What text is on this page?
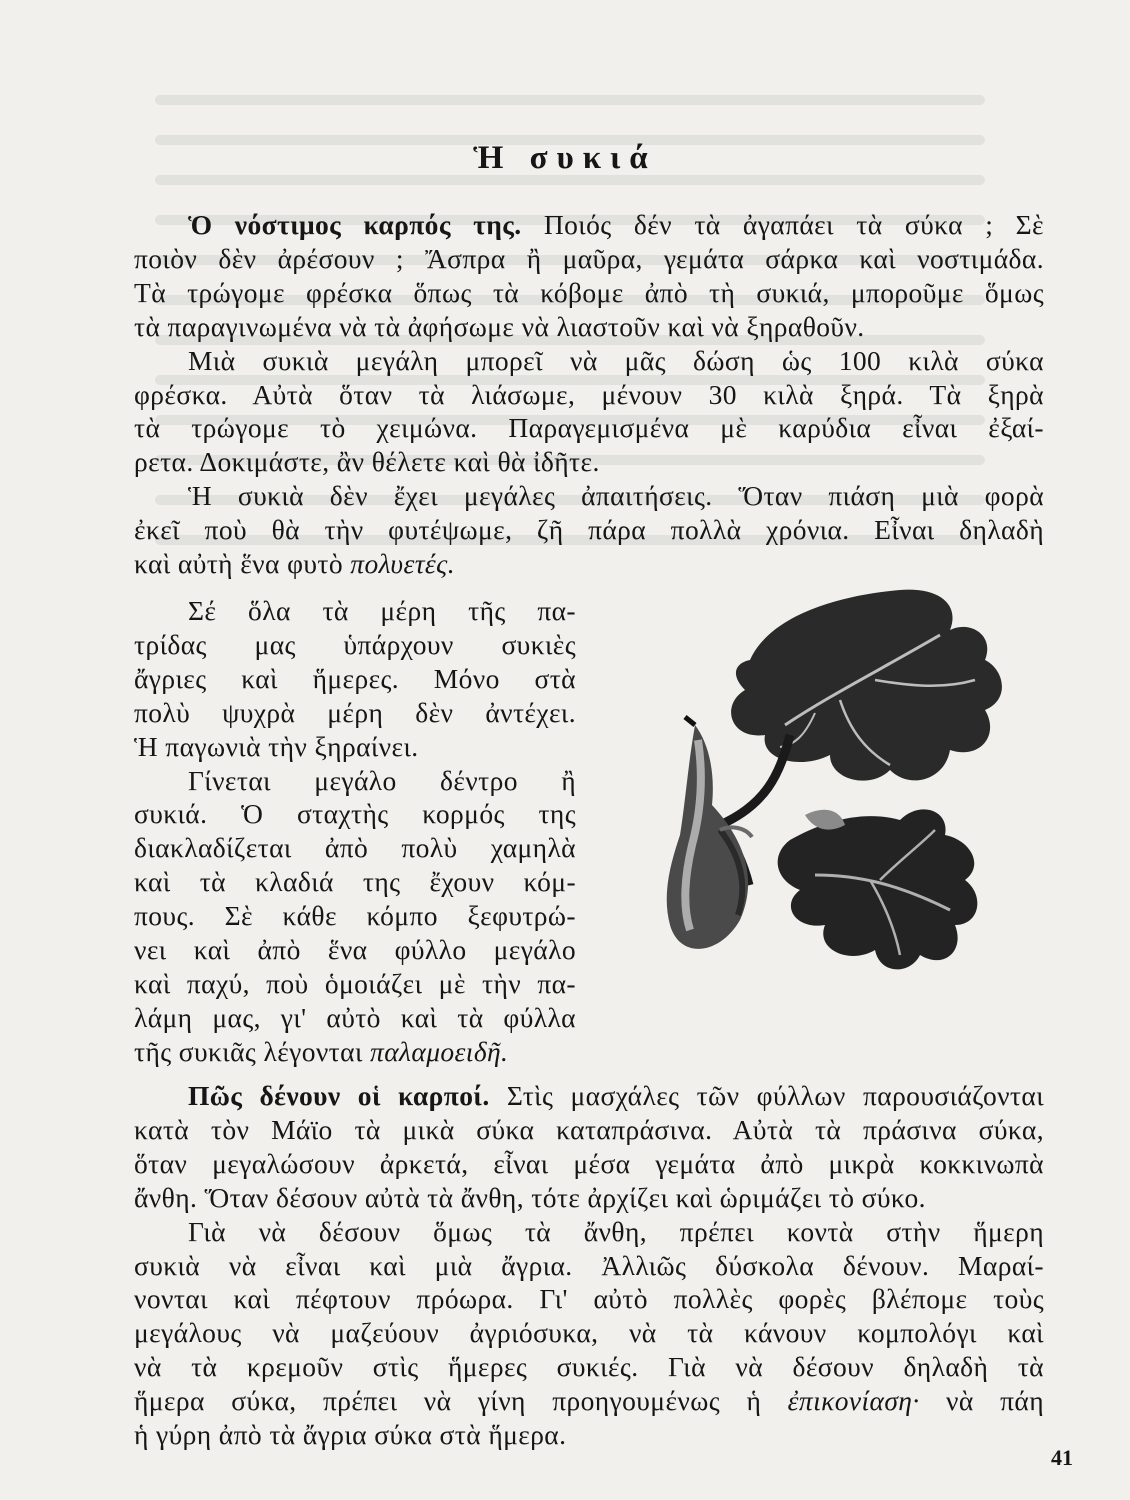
Ἡ συκιά
Ὁ νόστιμος καρπός της. Ποιός δέν τὰ ἀγαπάει τὰ σύκα ; Σὲ
ποιὸν δὲν ἀρέσουν ; Ἄσπρα ἢ μαῦρα, γεμάτα σάρκα καὶ νοστιμάδα.
Τὰ τρώγομε φρέσκα ὅπως τὰ κόβομε ἀπὸ τὴ συκιά, μποροῦμε ὅμως
τὰ παραγινωμένα νὰ τὰ ἀφήσωμε νὰ λιαστοῦν καὶ νὰ ξηραθοῦν.
Μιὰ συκιὰ μεγάλη μπορεῖ νὰ μᾶς δώση ὡς 100 κιλὰ σύκα
φρέσκα. Αὐτὰ ὅταν τὰ λιάσωμε, μένουν 30 κιλὰ ξηρά. Τὰ ξηρὰ
τὰ τρώγομε τὸ χειμώνα. Παραγεμισμένα μὲ καρύδια εἶναι ἐξαί-
ρετα. Δοκιμάστε, ἂν θέλετε καὶ θὰ ἰδῆτε.
Ἡ συκιὰ δὲν ἔχει μεγάλες ἀπαιτήσεις. Ὅταν πιάση μιὰ φορὰ
ἐκεῖ ποὺ θὰ τὴν φυτέψωμε, ζῆ πάρα πολλὰ χρόνια. Εἶναι δηλαδὴ
καὶ αὐτὴ ἕνα φυτὸ πολυετές.
Σέ ὅλα τὰ μέρη τῆς πα-
τρίδας μας ὑπάρχουν συκιὲς
ἄγριες καὶ ἥμερες. Μόνο στὰ
πολὺ ψυχρὰ μέρη δὲν ἀντέχει.
Ἡ παγωνιὰ τὴν ξηραίνει.
Γίνεται μεγάλο δέντρο ἢ
συκιά. Ὁ σταχτὴς κορμός της
διακλαδίζεται ἀπὸ πολὺ χαμηλὰ
καὶ τὰ κλαδιά της ἔχουν κόμ-
πους. Σὲ κάθε κόμπο ξεφυτρώ-
νει καὶ ἀπὸ ἕνα φύλλο μεγάλο
καὶ παχύ, ποὺ ὁμοιάζει μὲ τὴν πα-
λάμη μας, γι' αὐτὸ καὶ τὰ φύλλα
τῆς συκιᾶς λέγονται παλαμοειδῆ.
Πῶς δένουν οἱ καρποί. Στὶς μασχάλες τῶν φύλλων παρουσιάζονται
κατὰ τὸν Μάϊο τὰ μικὰ σύκα καταπράσινα. Αὐτὰ τὰ πράσινα σύκα,
ὅταν μεγαλώσουν ἀρκετά, εἶναι μέσα γεμάτα ἀπὸ μικρὰ κοκκινωπὰ
ἄνθη. Ὅταν δέσουν αὐτὰ τὰ ἄνθη, τότε ἀρχίζει καὶ ὡριμάζει τὸ σύκο.
Γιὰ νὰ δέσουν ὅμως τὰ ἄνθη, πρέπει κοντὰ στὴν ἥμερη
συκιὰ νὰ εἶναι καὶ μιὰ ἄγρια. Ἀλλιῶς δύσκολα δένουν. Μαραί-
νονται καὶ πέφτουν πρόωρα. Γι' αὐτὸ πολλὲς φορὲς βλέπομε τοὺς
μεγάλους νὰ μαζεύουν ἀγριόσυκα, νὰ τὰ κάνουν κομπολόγι καὶ
νὰ τὰ κρεμοῦν στὶς ἥμερες συκιές. Γιὰ νὰ δέσουν δηλαδὴ τὰ
ἥμερα σύκα, πρέπει νὰ γίνη προηγουμένως ἡ ἐπικονίαση· νὰ πάη
ἡ γύρη ἀπὸ τὰ ἄγρια σύκα στὰ ἥμερα.
41
